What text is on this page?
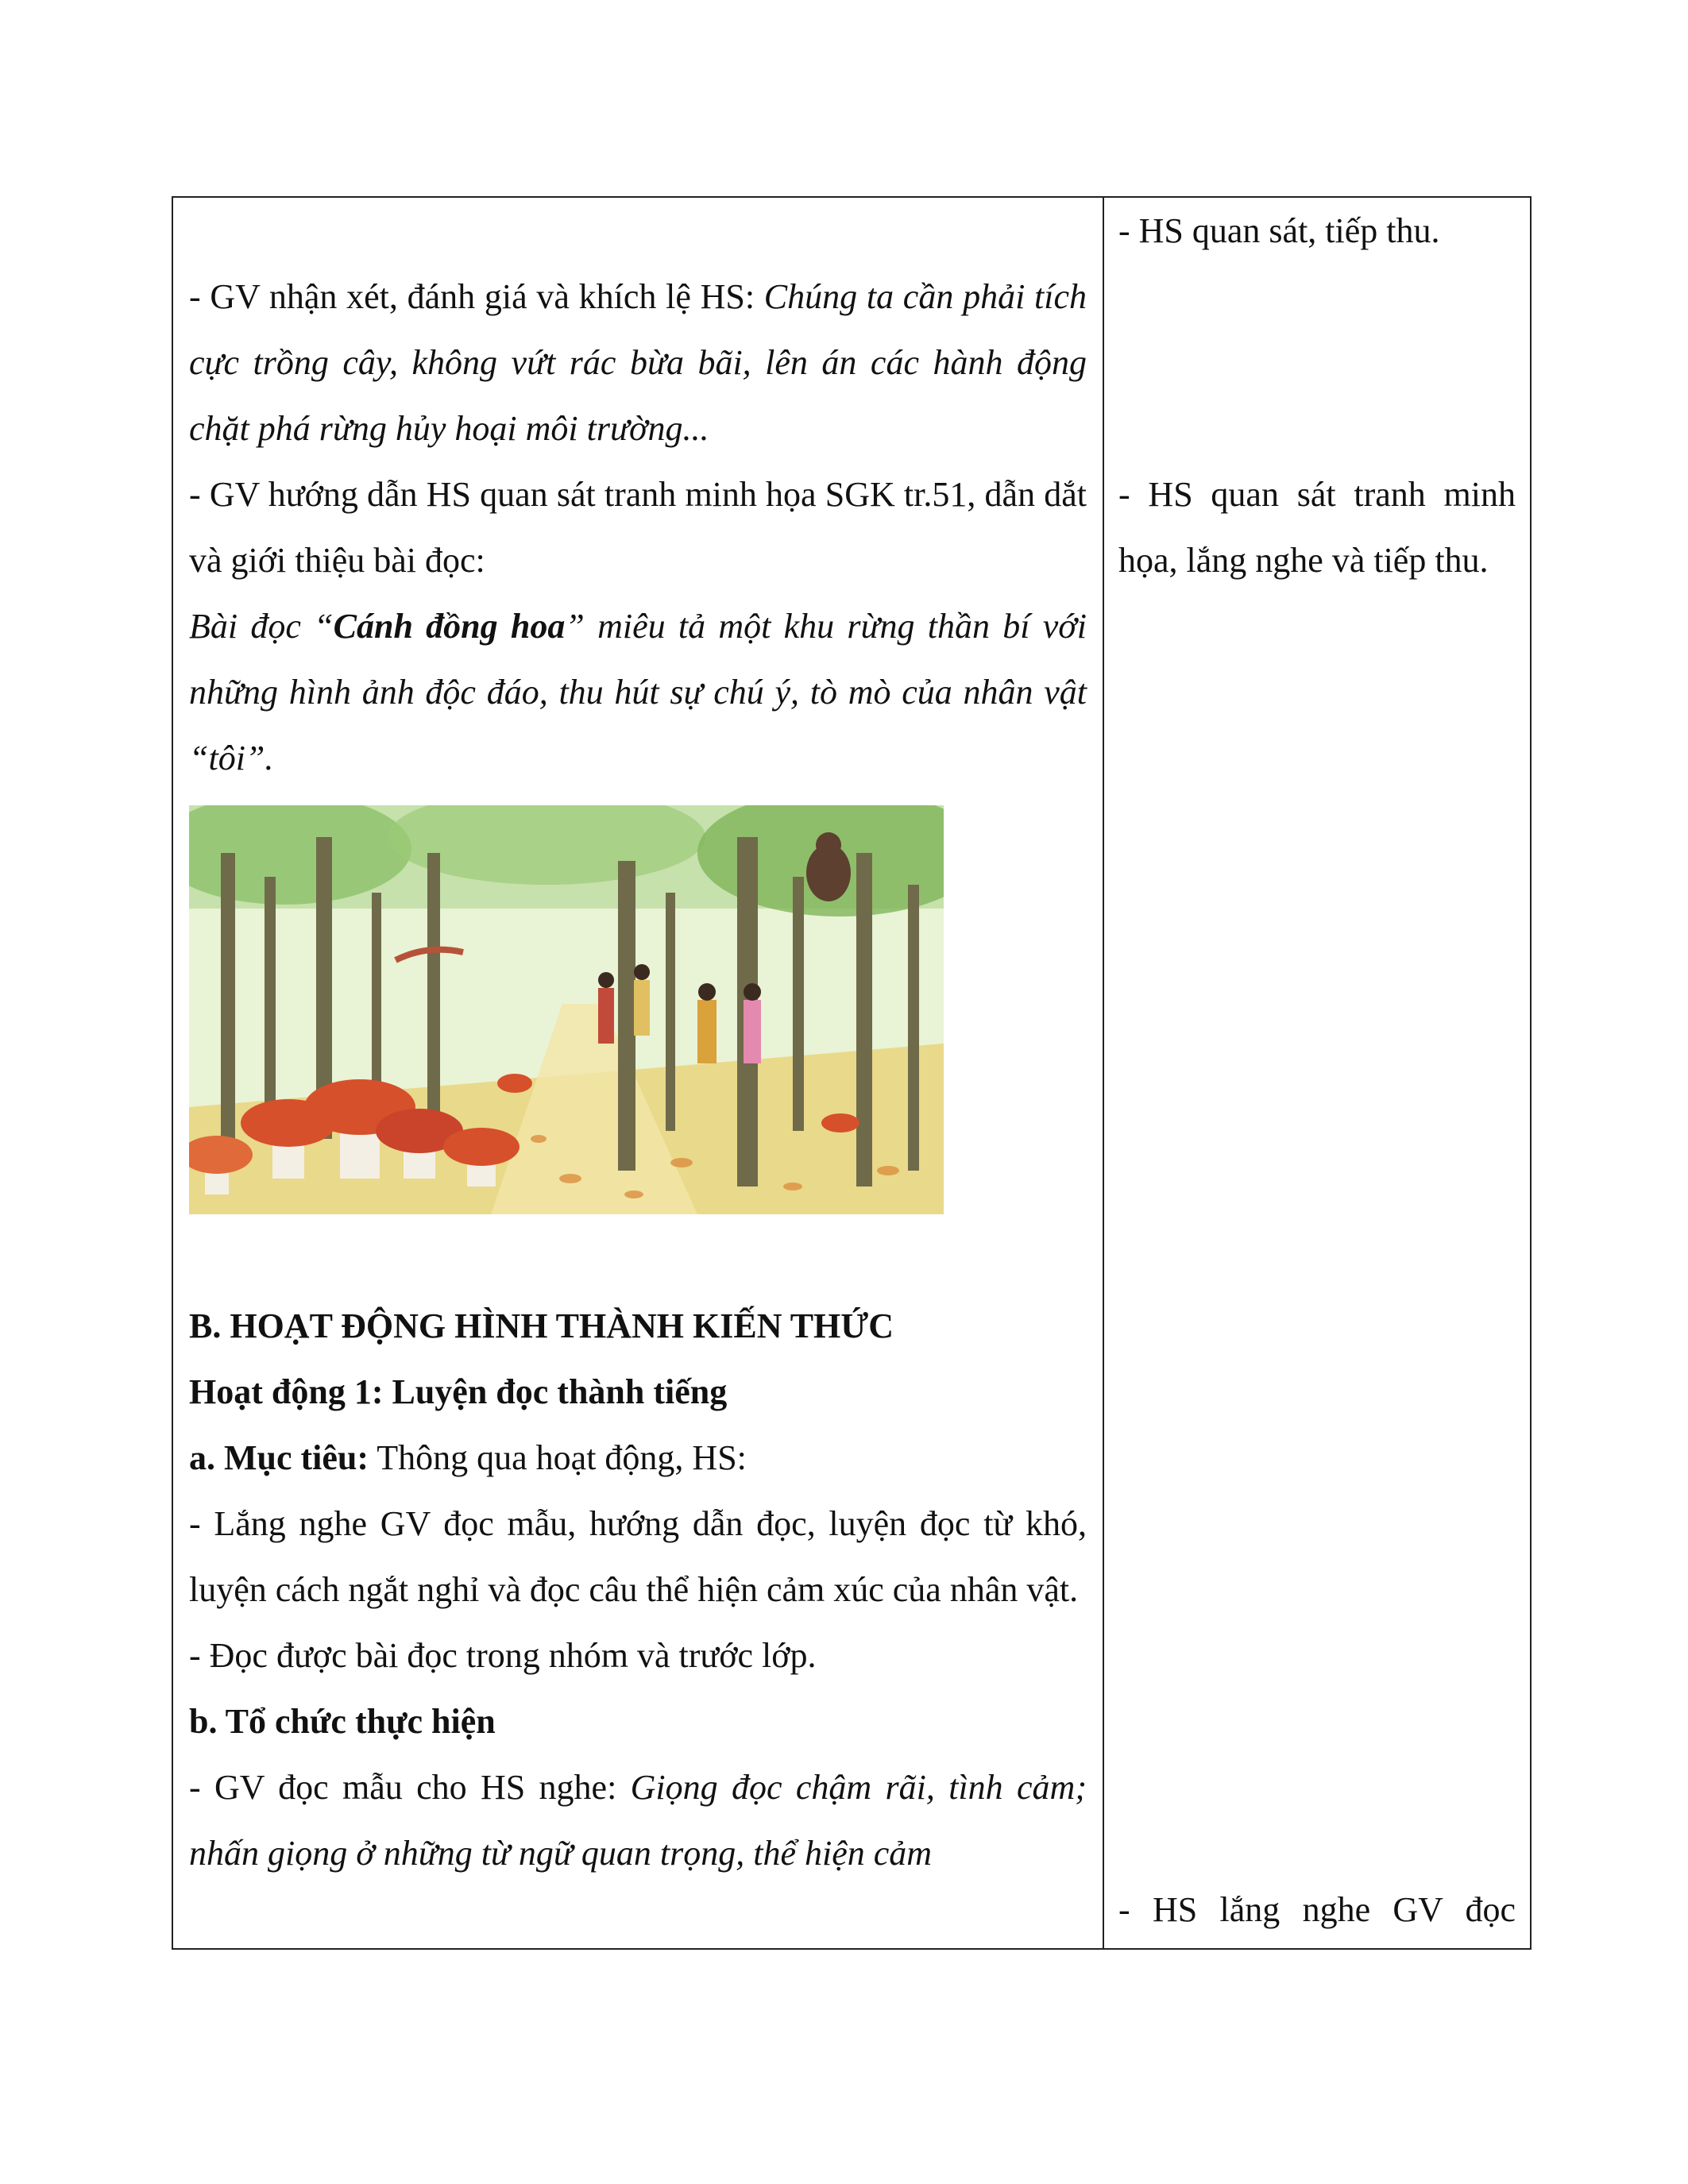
- GV nhận xét, đánh giá và khích lệ HS: Chúng ta cần phải tích cực trồng cây, không vứt rác bừa bãi, lên án các hành động chặt phá rừng hủy hoại môi trường...

- GV hướng dẫn HS quan sát tranh minh họa SGK tr.51, dẫn dắt và giới thiệu bài đọc:

Bài đọc “Cánh đồng hoa” miêu tả một khu rừng thần bí với những hình ảnh độc đáo, thu hút sự chú ý, tò mò của nhân vật “tôi”.

B. HOẠT ĐỘNG HÌNH THÀNH KIẾN THỨC

Hoạt động 1: Luyện đọc thành tiếng

a. Mục tiêu: Thông qua hoạt động, HS:

- Lắng nghe GV đọc mẫu, hướng dẫn đọc, luyện đọc từ khó, luyện cách ngắt nghỉ và đọc câu thể hiện cảm xúc của nhân vật.

- Đọc được bài đọc trong nhóm và trước lớp.

b. Tổ chức thực hiện

- GV đọc mẫu cho HS nghe: Giọng đọc chậm rãi, tình cảm; nhấn giọng ở những từ ngữ quan trọng, thể hiện cảm

- HS quan sát, tiếp thu.

- HS quan sát tranh minh họa, lắng nghe và tiếp thu.

- HS lắng nghe GV đọc
